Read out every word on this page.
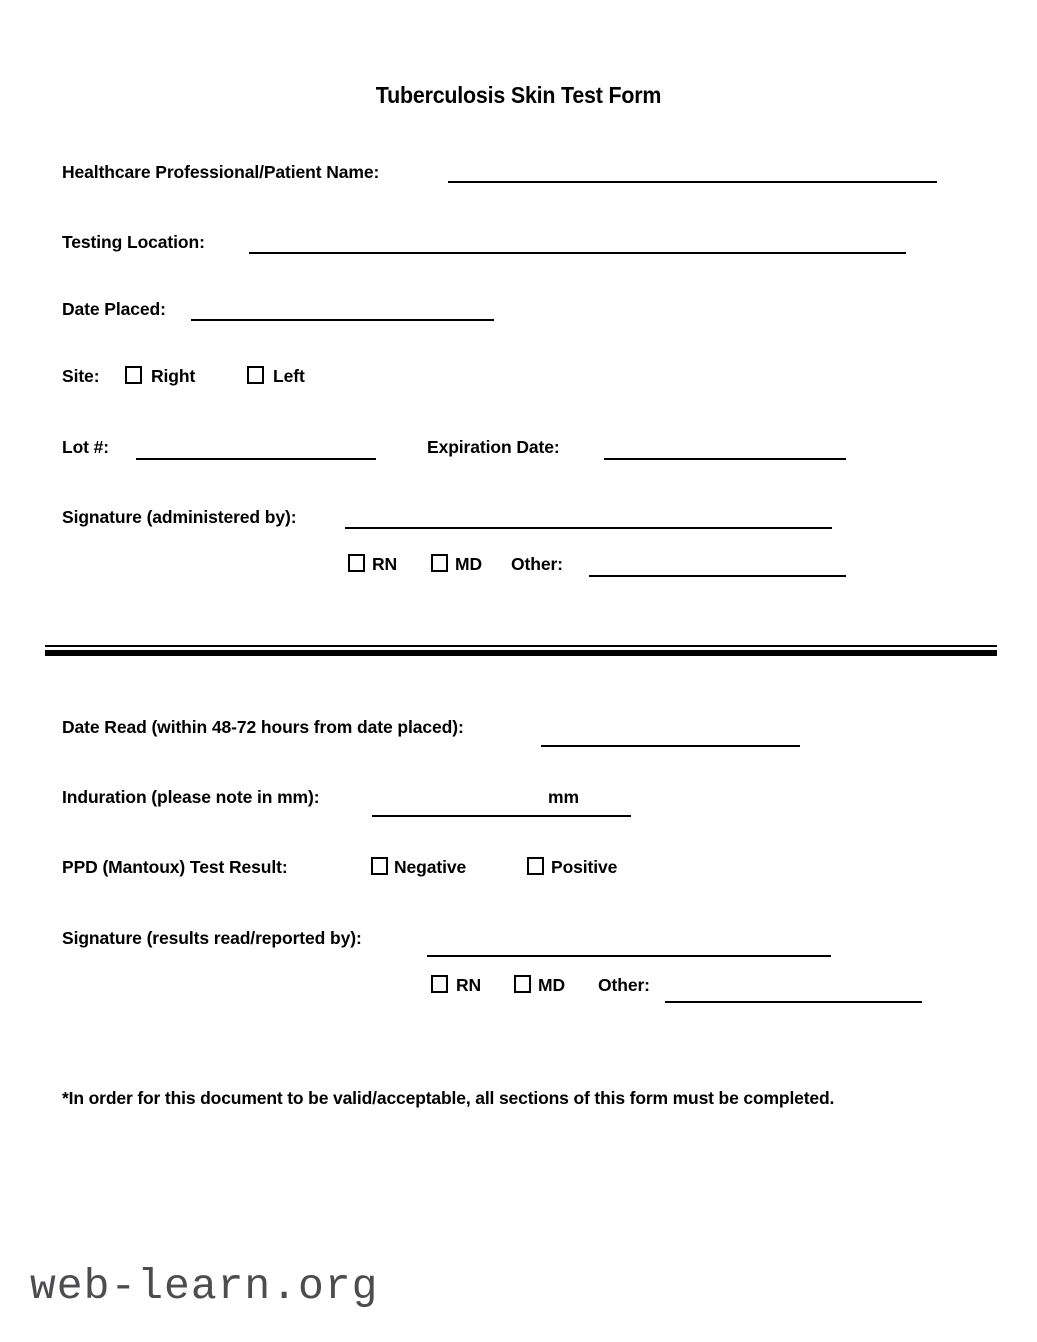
Tuberculosis Skin Test Form
Healthcare Professional/Patient Name:
Testing Location:
Date Placed:
Site:	Right	Left
Lot #:	Expiration Date:
Signature (administered by):
RN	MD Other:
Date Read (within 48-72 hours from date placed):
Induration (please note in mm):	mm
PPD (Mantoux) Test Result:	Negative	Positive
Signature (results read/reported by):
RN	MD Other:
*In order for this document to be valid/acceptable, all sections of this form must be completed.
web-learn.org
